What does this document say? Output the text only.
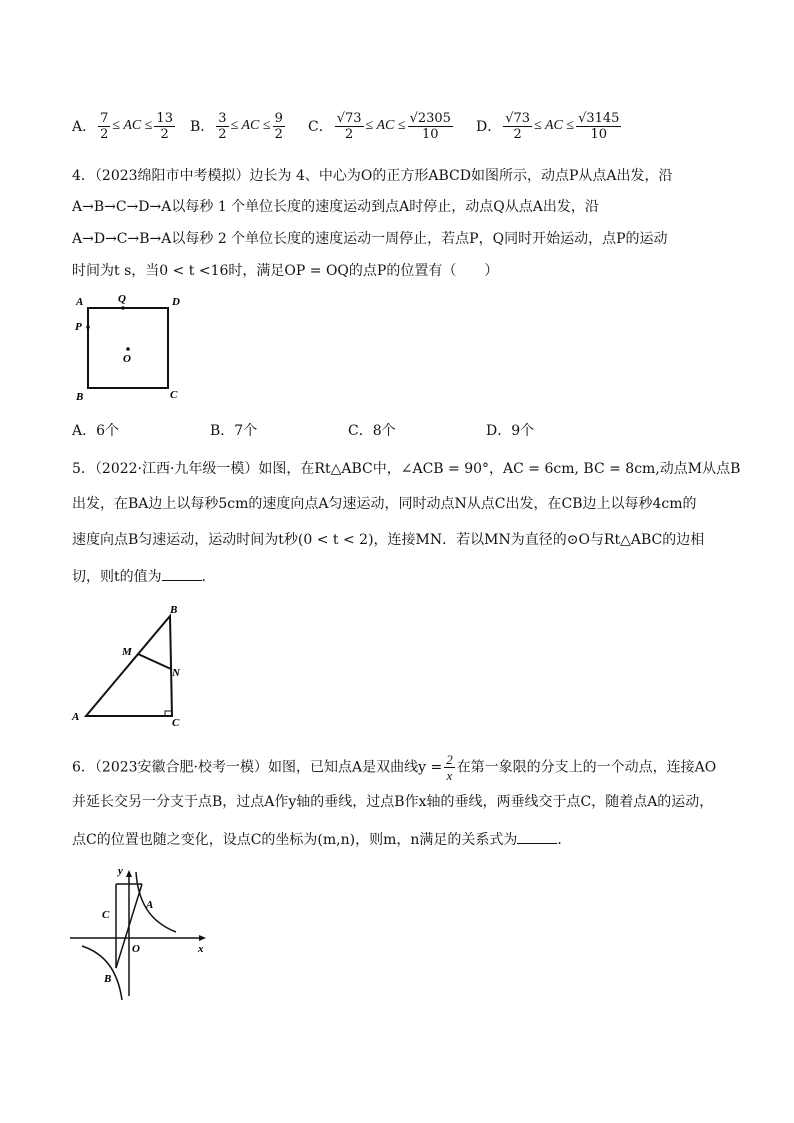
A． $\frac{7}{2}$ ≤ AC ≤ $\frac{13}{2}$ B． $\frac{3}{2}$ ≤ AC ≤ $\frac{9}{2}$ C． $\frac{√73}{2}$ ≤ AC ≤ $\frac{√2305}{10}$ D． $\frac{√73}{2}$ ≤ AC ≤ $\frac{√3145}{10}$
4．（2023绵阳市中考模拟）边长为 4、中心为O的正方形ABCD如图所示，动点P从点A出发，沿
A→B→C→D→A以每秒 1 个单位长度的速度运动到点A时停止，动点Q从点A出发，沿
A→D→C→B→A以每秒 2 个单位长度的速度运动一周停止，若点P，Q同时开始运动，点P的运动
时间为t s，当0 < t <16时，满足OP = OQ的点P的位置有（　　）
A	Q	D
P
O
B	C
A．6个	B．7个	C．8个	D．9个
5．（2022·江西·九年级一模）如图，在Rt△ABC中，∠ACB = 90°，AC = 6cm, BC = 8cm,动点M从点B
出发，在BA边上以每秒5cm的速度向点A匀速运动，同时动点N从点C出发，在CB边上以每秒4cm的
速度向点B匀速运动，运动时间为t秒(0 < t < 2)，连接MN．若以MN为直径的⊙O与Rt△ABC的边相
切，则t的值为	．
B
M
N
A	C
6．（2023安徽合肥·校考一模）如图，已知点A是双曲线$y = \frac{2}{x}$ 在第一象限的分支上的一个动点，连接AO
并延长交另一分支于点B，过点A作y轴的垂线，过点B作x轴的垂线，两垂线交于点C，随着点A的运动，
点C的位置也随之变化，设点C的坐标为(m,n)，则m，n满足的关系式为	．
y
x
A
C
O
B
